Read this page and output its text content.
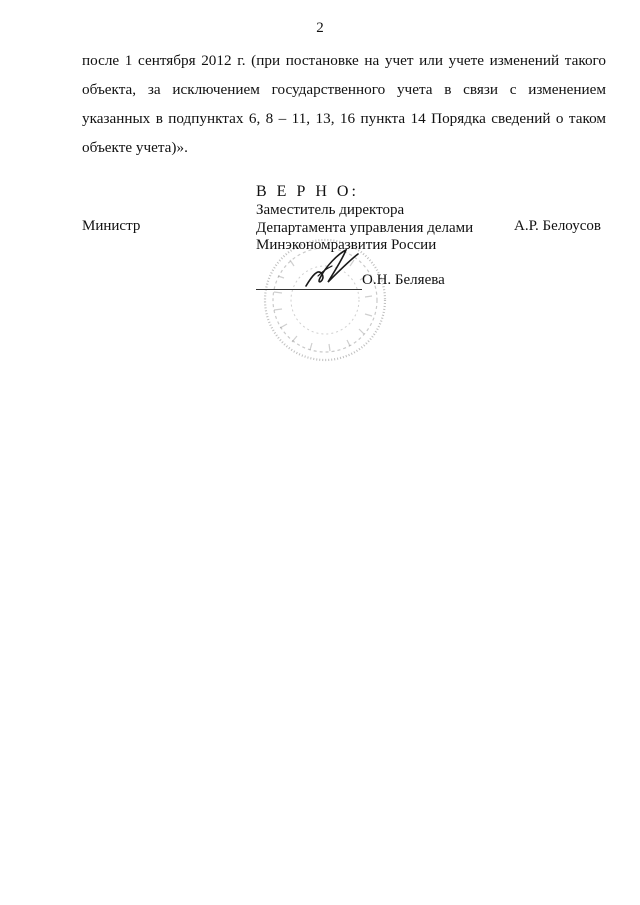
2
после 1 сентября 2012 г. (при постановке на учет или учете изменений такого
объекта, за исключением государственного учета в связи с изменением
указанных в подпунктах 6, 8 – 11, 13, 16 пункта 14 Порядка сведений о таком
объекте учета)».
Министр	А.Р. Белоусов
В Е Р Н О:
Заместитель директора
Департамента управления делами
Минэкономразвития России
О.Н. Беляева
